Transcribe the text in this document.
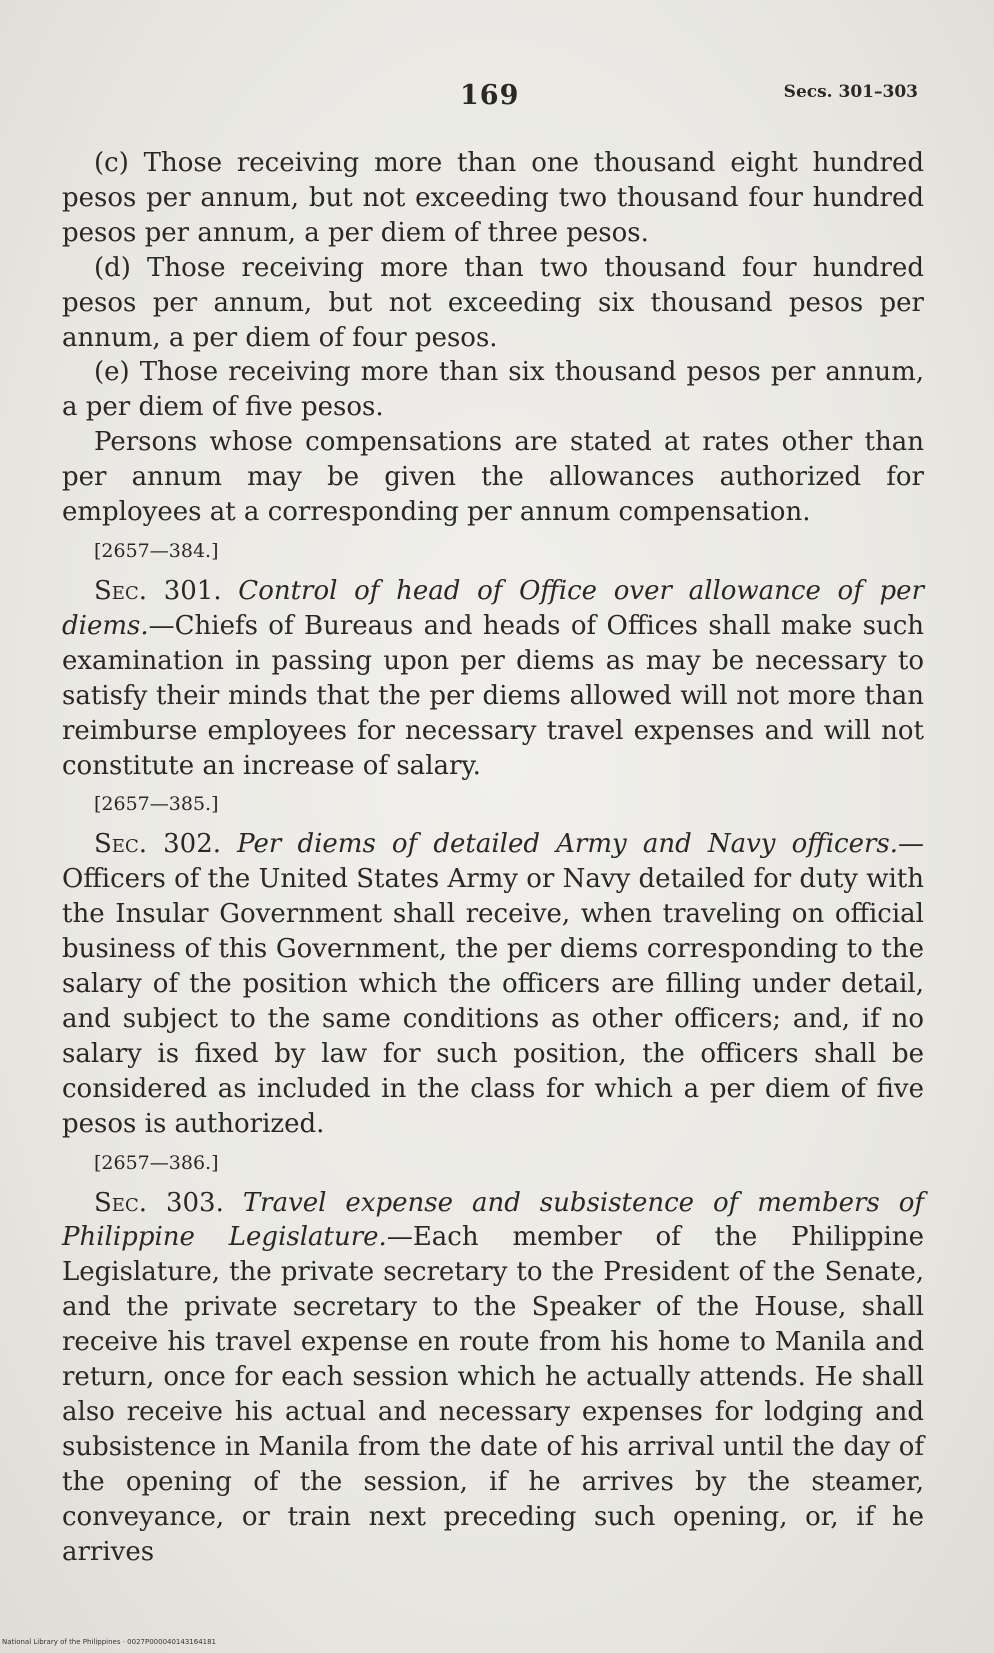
169	Secs. 301–303

(c) Those receiving more than one thousand eight hundred pesos per annum, but not exceeding two thousand four hundred pesos per annum, a per diem of three pesos.

(d) Those receiving more than two thousand four hundred pesos per annum, but not exceeding six thousand pesos per annum, a per diem of four pesos.

(e) Those receiving more than six thousand pesos per annum, a per diem of five pesos.

Persons whose compensations are stated at rates other than per annum may be given the allowances authorized for employees at a corresponding per annum compensation.

[2657—384.]

Sec. 301. Control of head of Office over allowance of per diems.—Chiefs of Bureaus and heads of Offices shall make such examination in passing upon per diems as may be necessary to satisfy their minds that the per diems allowed will not more than reimburse employees for necessary travel expenses and will not constitute an increase of salary.

[2657—385.]

Sec. 302. Per diems of detailed Army and Navy officers.—Officers of the United States Army or Navy detailed for duty with the Insular Government shall receive, when traveling on official business of this Government, the per diems corresponding to the salary of the position which the officers are filling under detail, and subject to the same conditions as other officers; and, if no salary is fixed by law for such position, the officers shall be considered as included in the class for which a per diem of five pesos is authorized.

[2657—386.]

Sec. 303. Travel expense and subsistence of members of Philippine Legislature.—Each member of the Philippine Legislature, the private secretary to the President of the Senate, and the private secretary to the Speaker of the House, shall receive his travel expense en route from his home to Manila and return, once for each session which he actually attends. He shall also receive his actual and necessary expenses for lodging and subsistence in Manila from the date of his arrival until the day of the opening of the session, if he arrives by the steamer, conveyance, or train next preceding such opening, or, if he arrives

National Library of the Philippines · 0027P000040143164181
